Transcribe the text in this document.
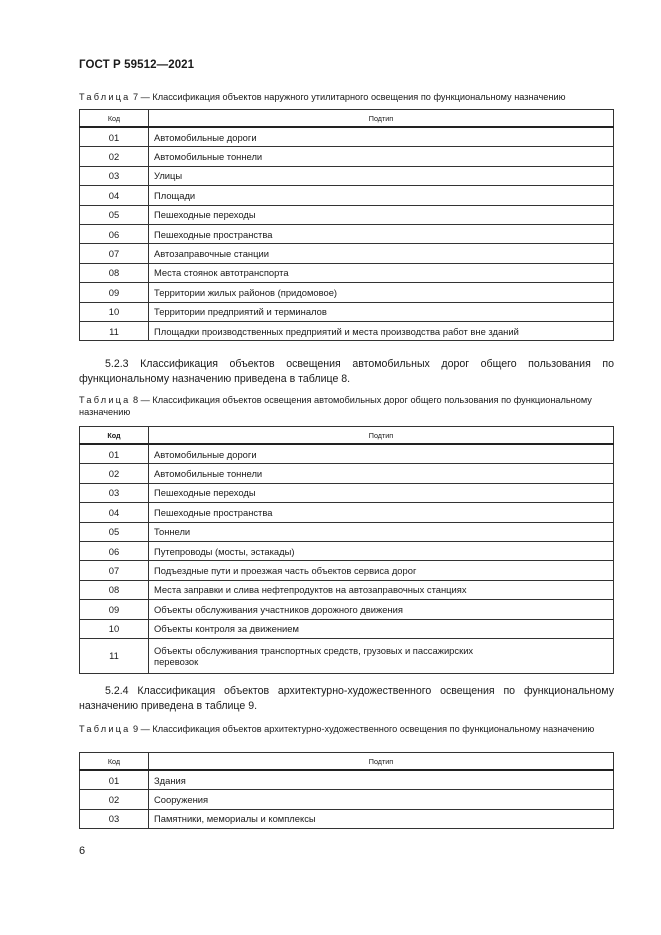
ГОСТ Р 59512—2021
Таблица 7 — Классификация объектов наружного утилитарного освещения по функциональному назначению
Код	Подтип
01	Автомобильные дороги
02	Автомобильные тоннели
03	Улицы
04	Площади
05	Пешеходные переходы
06	Пешеходные пространства
07	Автозаправочные станции
08	Места стоянок автотранспорта
09	Территории жилых районов (придомовое)
10	Территории предприятий и терминалов
11	Площадки производственных предприятий и места производства работ вне зданий
5.2.3 Классификация объектов освещения автомобильных дорог общего пользования по функциональному назначению приведена в таблице 8.
Таблица 8 — Классификация объектов освещения автомобильных дорог общего пользования по функциональному назначению
Код	Подтип
01	Автомобильные дороги
02	Автомобильные тоннели
03	Пешеходные переходы
04	Пешеходные пространства
05	Тоннели
06	Путепроводы (мосты, эстакады)
07	Подъездные пути и проезжая часть объектов сервиса дорог
08	Места заправки и слива нефтепродуктов на автозаправочных станциях
09	Объекты обслуживания участников дорожного движения
10	Объекты контроля за движением
11	Объекты обслуживания транспортных средств, грузовых и пассажирских перевозок
5.2.4 Классификация объектов архитектурно-художественного освещения по функциональному назначению приведена в таблице 9.
Таблица 9 — Классификация объектов архитектурно-художественного освещения по функциональному назначению
Код	Подтип
01	Здания
02	Сооружения
03	Памятники, мемориалы и комплексы
6
